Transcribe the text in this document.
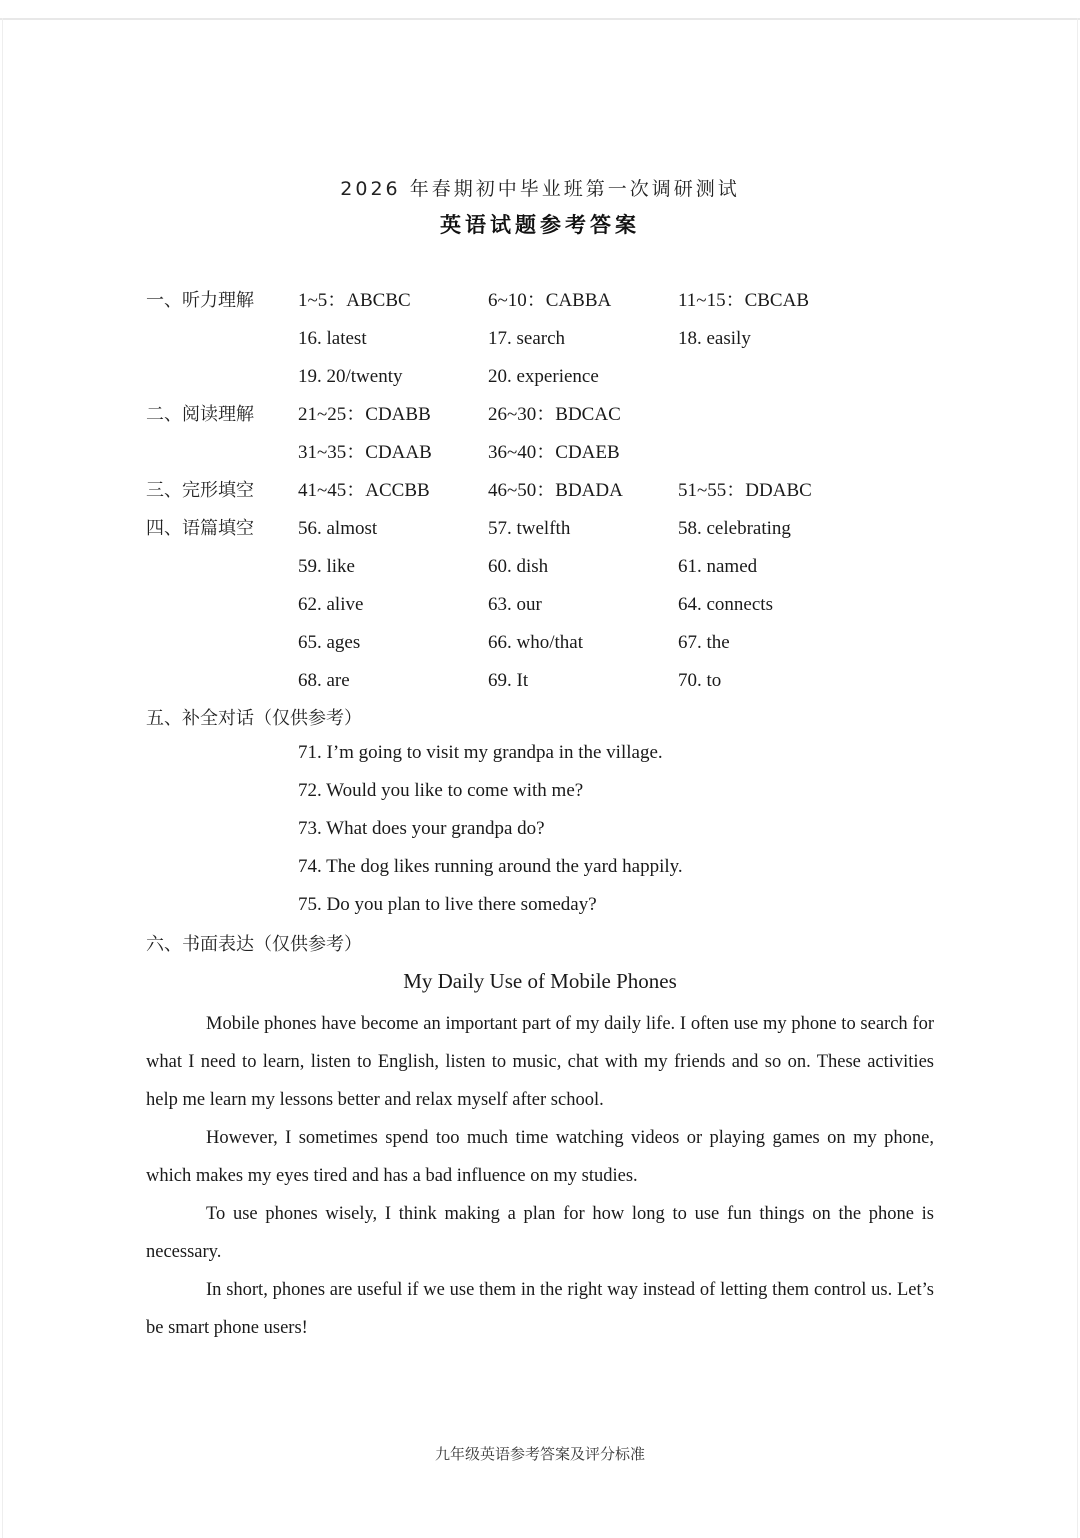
2026 年春期初中毕业班第一次调研测试
英语试题参考答案
一、听力理解 1~5：ABCBC	6~10：CABBA	11~15：CBCAB
16. latest	17. search	18. easily
19. 20/twenty	20. experience
二、阅读理解 21~25：CDABB	26~30：BDCAC
31~35：CDAAB	36~40：CDAEB
三、完形填空 41~45：ACCBB	46~50：BDADA	51~55：DDABC
四、语篇填空 56. almost	57. twelfth	58. celebrating
59. like	60. dish	61. named
62. alive	63. our	64. connects
65. ages	66. who/that	67. the
68. are	69. It	70. to
五、补全对话（仅供参考）
71. I’m going to visit my grandpa in the village.
72. Would you like to come with me?
73. What does your grandpa do?
74. The dog likes running around the yard happily.
75. Do you plan to live there someday?
六、书面表达（仅供参考）
My Daily Use of Mobile Phones

Mobile phones have become an important part of my daily life. I often use my phone to search for what I need to learn, listen to English, listen to music, chat with my friends and so on. These activities help me learn my lessons better and relax myself after school.

However, I sometimes spend too much time watching videos or playing games on my phone, which makes my eyes tired and has a bad influence on my studies.

To use phones wisely, I think making a plan for how long to use fun things on the phone is necessary.

In short, phones are useful if we use them in the right way instead of letting them control us. Let’s be smart phone users!

九年级英语参考答案及评分标准
